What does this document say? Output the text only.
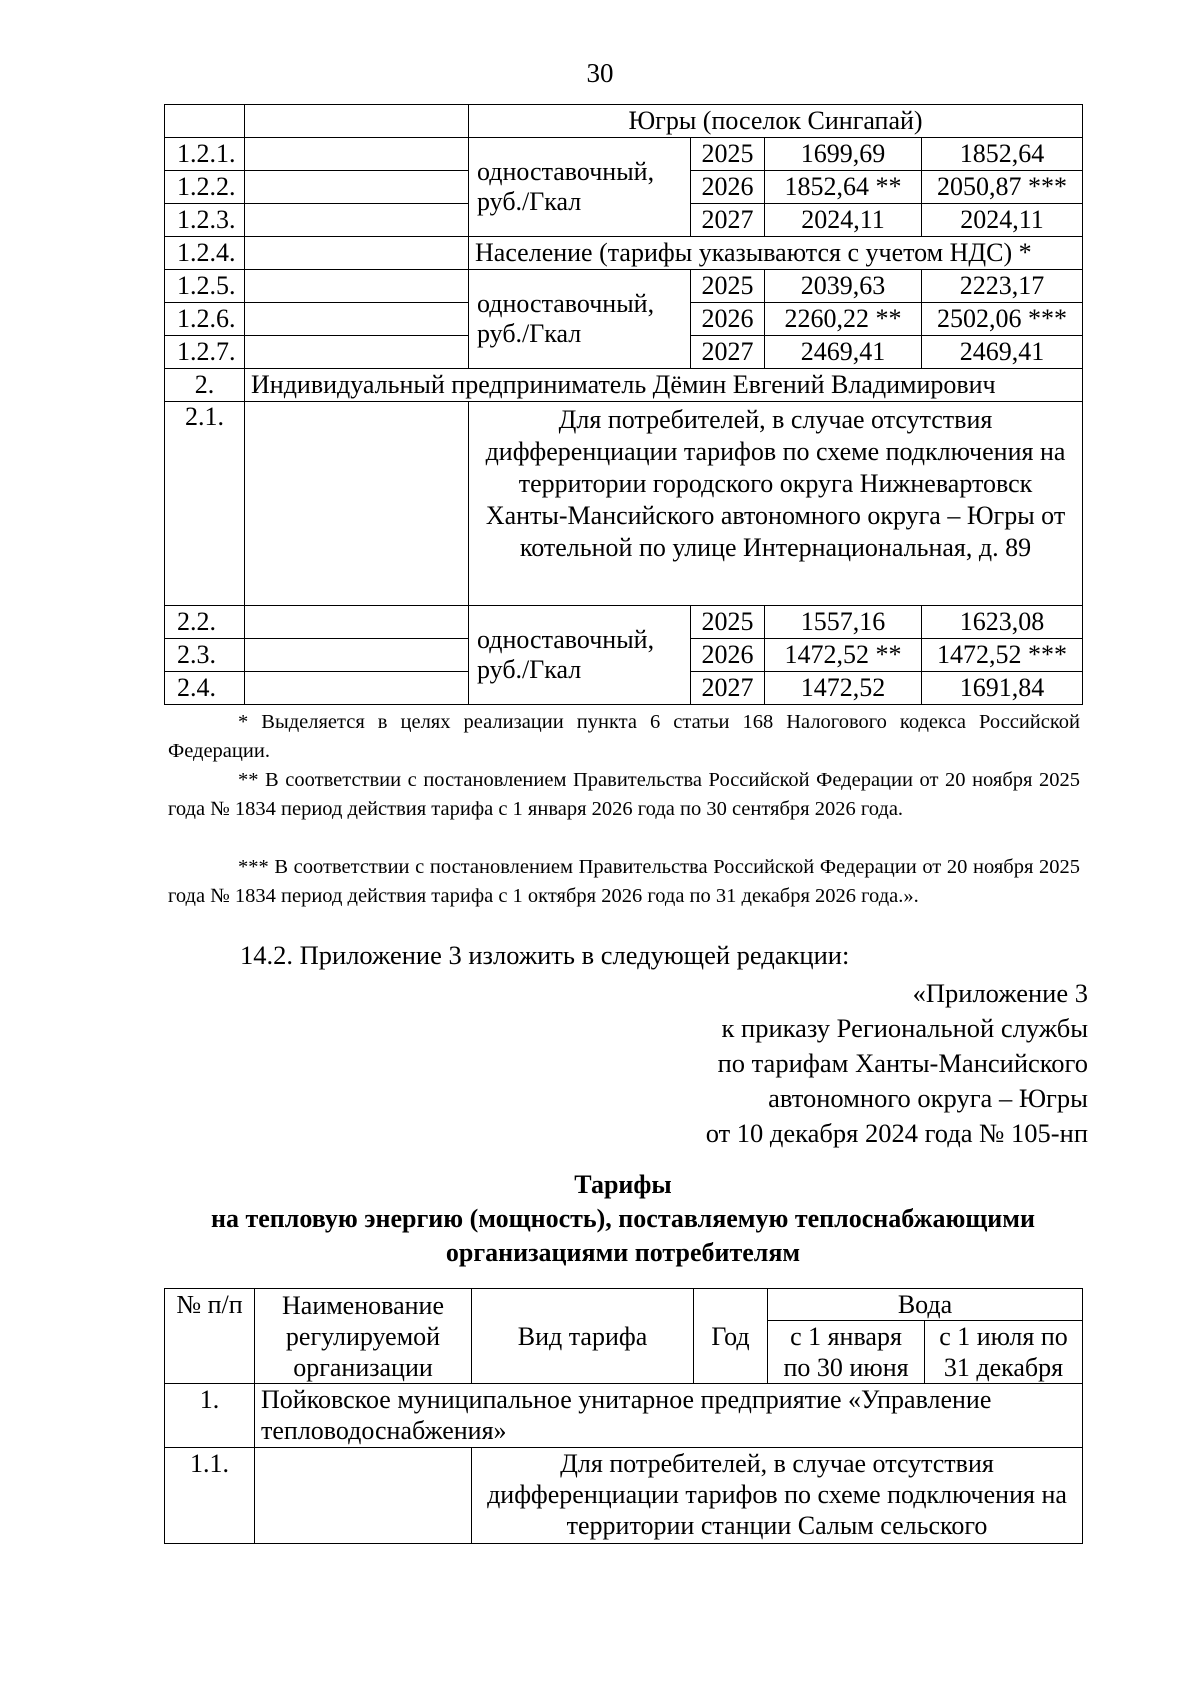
30
		Югры (поселок Сингапай)			
1.2.1.		одноставочный, руб./Гкал	2025	1699,69	1852,64
1.2.2.			2026	1852,64 **	2050,87 ***
1.2.3.			2027	2024,11	2024,11
1.2.4.		Население (тарифы указываются с учетом НДС) *			
1.2.5.		одноставочный, руб./Гкал	2025	2039,63	2223,17
1.2.6.			2026	2260,22 **	2502,06 ***
1.2.7.			2027	2469,41	2469,41
2.	Индивидуальный предприниматель Дёмин Евгений Владимирович				
2.1.		Для потребителей, в случае отсутствия дифференциации тарифов по схеме подключения на территории городского округа Нижневартовск Ханты-Мансийского автономного округа – Югры от котельной по улице Интернациональная, д. 89			
2.2.		одноставочный, руб./Гкал	2025	1557,16	1623,08
2.3.			2026	1472,52 **	1472,52 ***
2.4.			2027	1472,52	1691,84
* Выделяется в целях реализации пункта 6 статьи 168 Налогового кодекса Российской Федерации.
** В соответствии с постановлением Правительства Российской Федерации от 20 ноября 2025 года № 1834 период действия тарифа с 1 января 2026 года по 30 сентября 2026 года.
*** В соответствии с постановлением Правительства Российской Федерации от 20 ноября 2025 года № 1834 период действия тарифа с 1 октября 2026 года по 31 декабря 2026 года.».
14.2. Приложение 3 изложить в следующей редакции:
«Приложение 3
к приказу Региональной службы
по тарифам Ханты-Мансийского
автономного округа – Югры
от 10 декабря 2024 года № 105-нп
Тарифы
на тепловую энергию (мощность), поставляемую теплоснабжающими
организациями потребителям
№ п/п	Наименование регулируемой организации	Вид тарифа	Год	Вода	
				с 1 января по 30 июня	с 1 июля по 31 декабря

1.	Пойковское муниципальное унитарное предприятие «Управление тепловодоснабжения»				
1.1.		Для потребителей, в случае отсутствия дифференциации тарифов по схеме подключения на территории станции Салым сельского			
